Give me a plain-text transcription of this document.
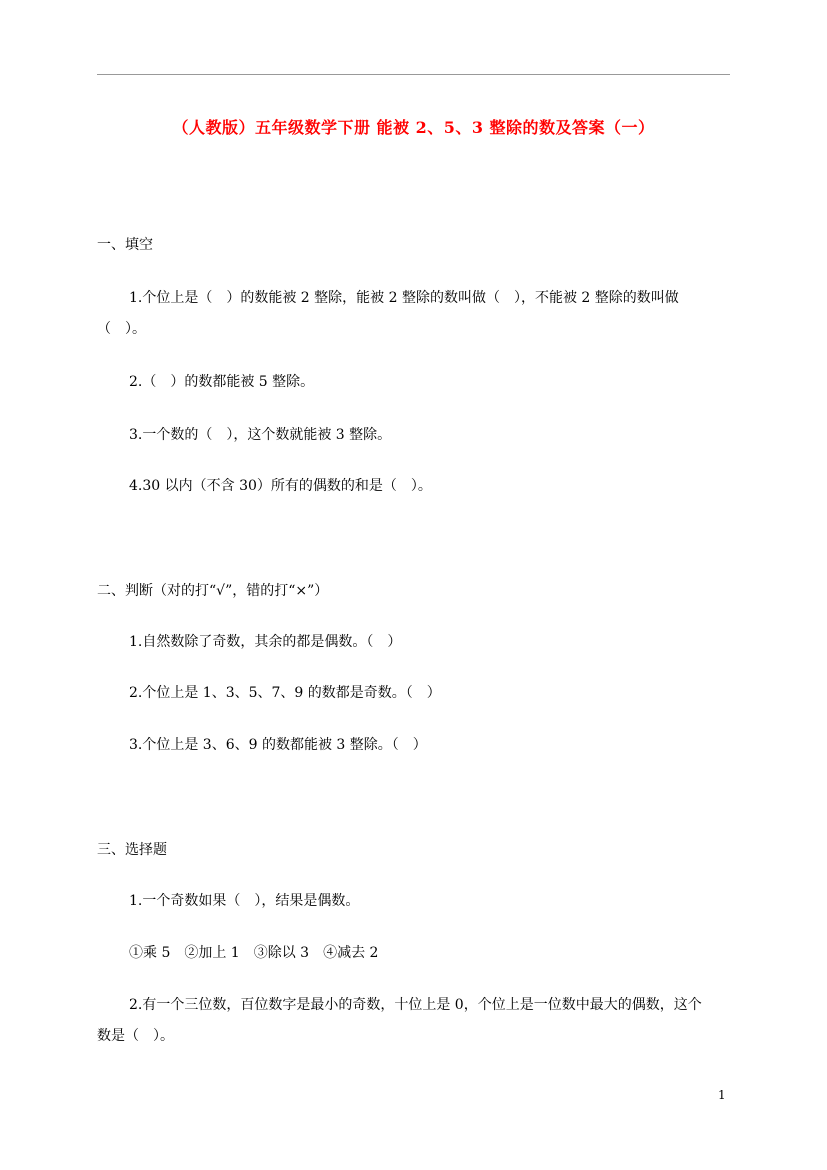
（人教版）五年级数学下册 能被 2、5、3 整除的数及答案（一）
一、填空
1.个位上是（　）的数能被 2 整除，能被 2 整除的数叫做（　），不能被 2 整除的数叫做
（　）。
2.（　）的数都能被 5 整除。
3.一个数的（　），这个数就能被 3 整除。
4.30 以内（不含 30）所有的偶数的和是（　）。
二、判断（对的打“√”，错的打“×”）
1.自然数除了奇数，其余的都是偶数。（　）
2.个位上是 1、3、5、7、9 的数都是奇数。（　）
3.个位上是 3、6、9 的数都能被 3 整除。（　）
三、选择题
1.一个奇数如果（　），结果是偶数。
①乘 5　②加上 1　③除以 3　④减去 2
2.有一个三位数，百位数字是最小的奇数，十位上是 0，个位上是一位数中最大的偶数，这个
数是（　）。
1
